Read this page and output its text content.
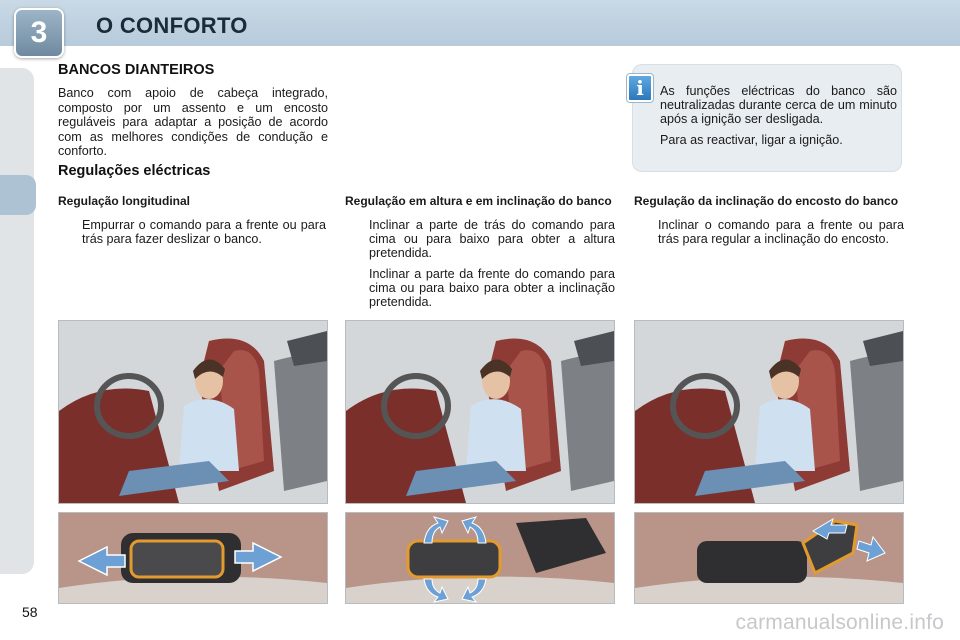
3 O CONFORTO
BANCOS DIANTEIROS
Banco com apoio de cabeça integrado, composto por um assento e um encosto reguláveis para adaptar a posição de acordo com as melhores condições de condução e conforto.
Regulações eléctricas
i	As funções eléctricas do banco são neutralizadas durante cerca de um minuto após a ignição ser desligada.

Para as reactivar, ligar a ignição.

Regulação longitudinal
Empurrar o comando para a frente ou para trás para fazer deslizar o banco.
Regulação em altura e em inclinação do banco
Inclinar a parte de trás do comando para cima ou para baixo para obter a altura pretendida.
Inclinar a parte da frente do comando para cima ou para baixo para obter a inclinação pretendida.
Regulação da inclinação do encosto do banco
Inclinar o comando para a frente ou para trás para regular a inclinação do encosto.
58	carmanualsonline.info
